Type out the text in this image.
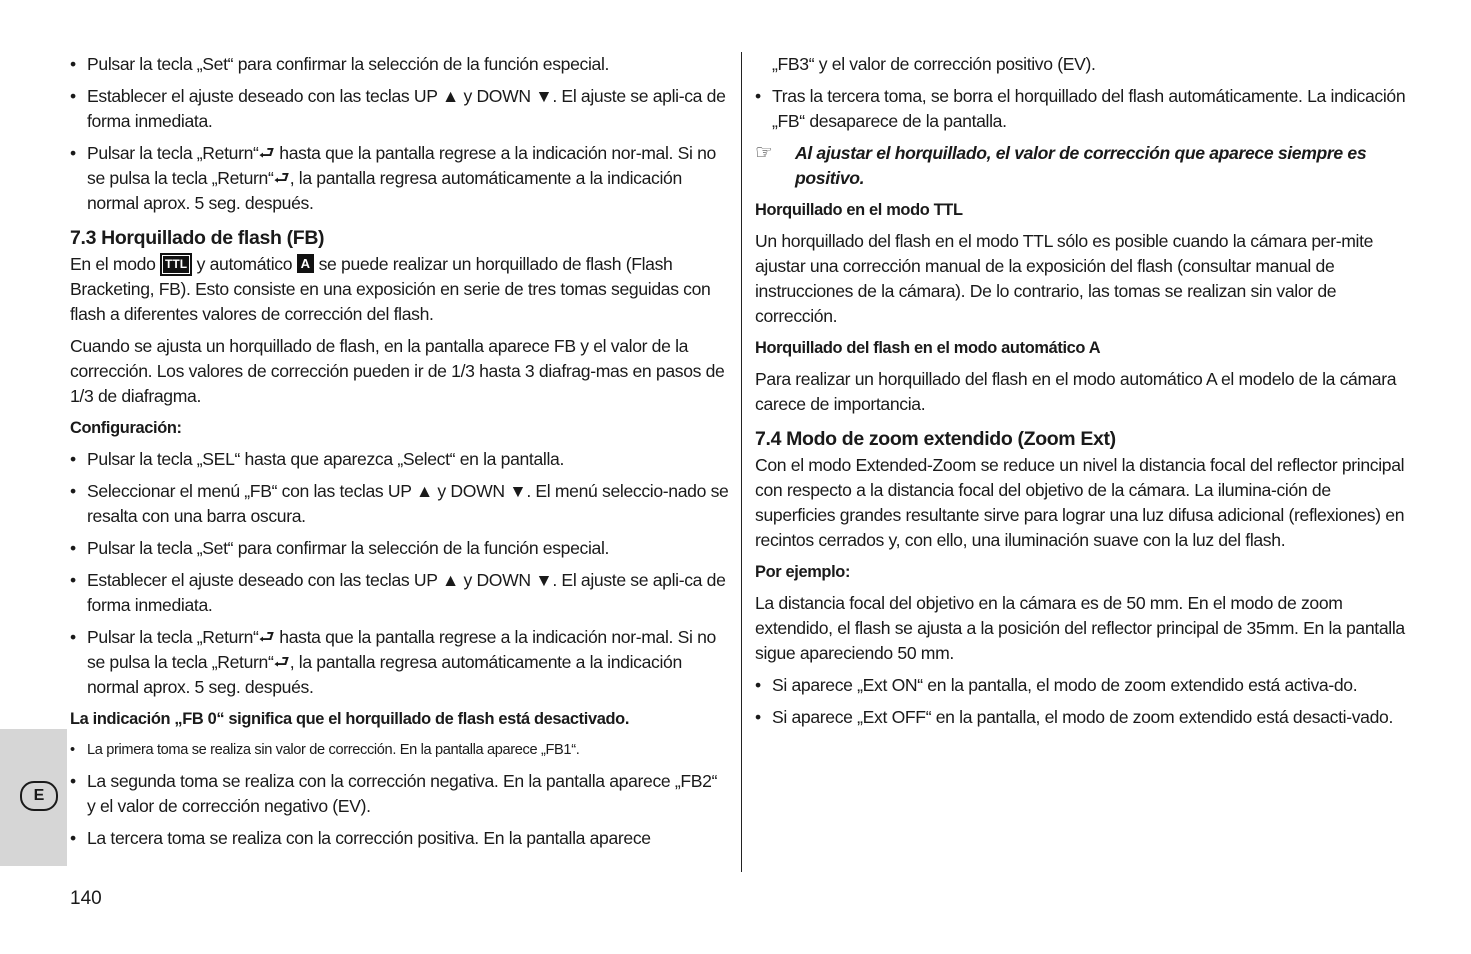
E

• Pulsar la tecla „Set“ para confirmar la selección de la función especial.

• Establecer el ajuste deseado con las teclas UP ▲ y DOWN ▼. El ajuste se apli-ca de forma inmediata.

• Pulsar la tecla „Return“⮐ hasta que la pantalla regrese a la indicación nor-mal. Si no se pulsa la tecla „Return“⮐, la pantalla regresa automáticamente a la indicación normal aprox. 5 seg. después.

7.3 Horquillado de flash (FB)

En el modo TTL y automático A se puede realizar un horquillado de flash (Flash Bracketing, FB). Esto consiste en una exposición en serie de tres tomas seguidas con flash a diferentes valores de corrección del flash.

Cuando se ajusta un horquillado de flash, en la pantalla aparece FB y el valor de la corrección. Los valores de corrección pueden ir de 1/3 hasta 3 diafrag-mas en pasos de 1/3 de diafragma.

Configuración:

• Pulsar la tecla „SEL“ hasta que aparezca „Select“ en la pantalla.

• Seleccionar el menú „FB“ con las teclas UP ▲ y DOWN ▼. El menú seleccio-nado se resalta con una barra oscura.

• Pulsar la tecla „Set“ para confirmar la selección de la función especial.

• Establecer el ajuste deseado con las teclas UP ▲ y DOWN ▼. El ajuste se apli-ca de forma inmediata.

• Pulsar la tecla „Return“⮐ hasta que la pantalla regrese a la indicación nor-mal. Si no se pulsa la tecla „Return“⮐, la pantalla regresa automáticamente a la indicación normal aprox. 5 seg. después.

La indicación „FB 0“ significa que el horquillado de flash está desactivado.

• La primera toma se realiza sin valor de corrección. En la pantalla aparece „FB1“.

• La segunda toma se realiza con la corrección negativa. En la pantalla aparece „FB2“ y el valor de corrección negativo (EV).

• La tercera toma se realiza con la corrección positiva. En la pantalla aparece

„FB3“ y el valor de corrección positivo (EV).

• Tras la tercera toma, se borra el horquillado del flash automáticamente. La indicación „FB“ desaparece de la pantalla.

☞ Al ajustar el horquillado, el valor de corrección que aparece siempre es positivo.

Horquillado en el modo TTL

Un horquillado del flash en el modo TTL sólo es posible cuando la cámara per-mite ajustar una corrección manual de la exposición del flash (consultar manual de instrucciones de la cámara). De lo contrario, las tomas se realizan sin valor de corrección.

Horquillado del flash en el modo automático A

Para realizar un horquillado del flash en el modo automático A el modelo de la cámara carece de importancia.

7.4 Modo de zoom extendido (Zoom Ext)

Con el modo Extended-Zoom se reduce un nivel la distancia focal del reflector principal con respecto a la distancia focal del objetivo de la cámara. La ilumina-ción de superficies grandes resultante sirve para lograr una luz difusa adicional (reflexiones) en recintos cerrados y, con ello, una iluminación suave con la luz del flash.

Por ejemplo:

La distancia focal del objetivo en la cámara es de 50 mm. En el modo de zoom extendido, el flash se ajusta a la posición del reflector principal de 35mm. En la pantalla sigue apareciendo 50 mm.

• Si aparece „Ext ON“ en la pantalla, el modo de zoom extendido está activa-do.

• Si aparece „Ext OFF“ en la pantalla, el modo de zoom extendido está desacti-vado.

140
